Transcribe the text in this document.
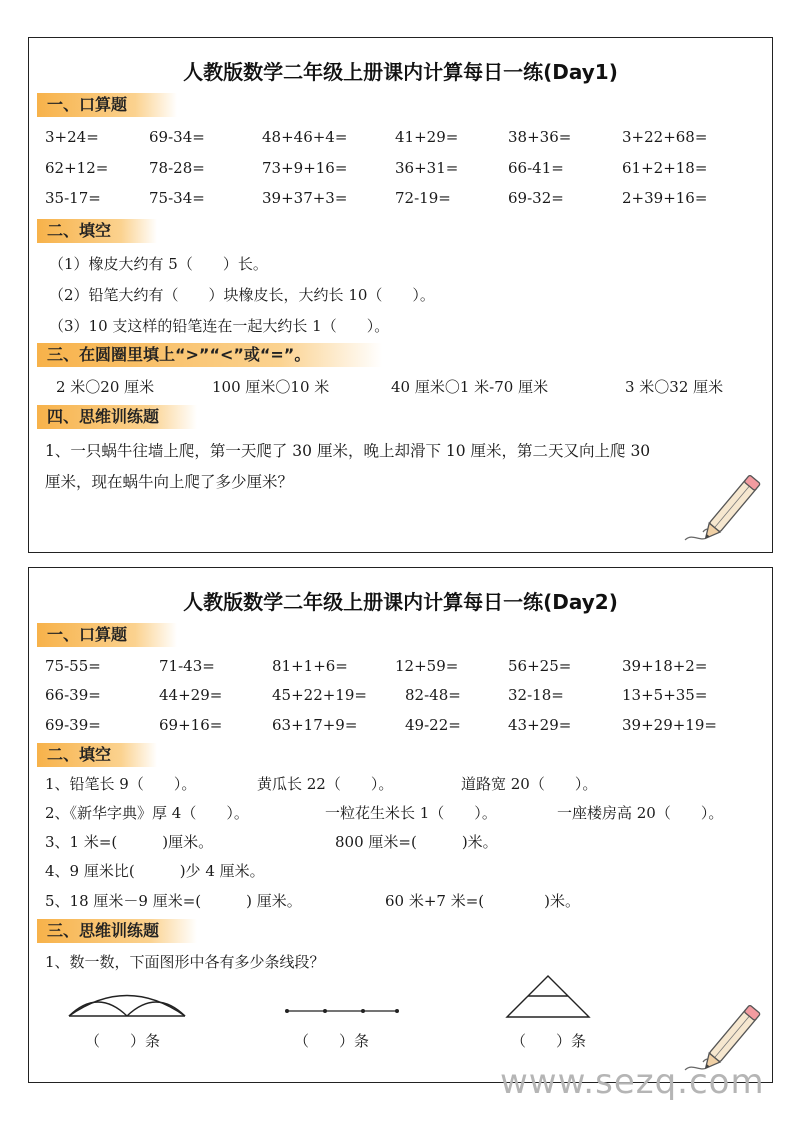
人教版数学二年级上册课内计算每日一练(Day1)
一、口算题
3+24=	69-34=	48+46+4=	41+29=	38+36=	3+22+68=
62+12=	78-28=	73+9+16=	36+31=	66-41=	61+2+18=
35-17=	75-34=	39+37+3=	72-19=	69-32=	2+39+16=
二、填空
（1）橡皮大约有 5（　　）长。
（2）铅笔大约有（　　）块橡皮长，大约长 10（　　）。
（3）10 支这样的铅笔连在一起大约长 1（　　）。
三、在圆圈里填上“>”“<”或“=”。
2 米〇20 厘米	100 厘米〇10 米	40 厘米〇1 米-70 厘米	3 米〇32 厘米
四、思维训练题
1、一只蜗牛往墙上爬，第一天爬了 30 厘米，晚上却滑下 10 厘米，第二天又向上爬 30
厘米，现在蜗牛向上爬了多少厘米？
人教版数学二年级上册课内计算每日一练(Day2)
一、口算题
75-55=	71-43=	81+1+6=	12+59=	56+25=	39+18+2=
66-39=	44+29=	45+22+19=	82-48=	32-18=	13+5+35=
69-39=	69+16=	63+17+9=	49-22=	43+29=	39+29+19=
二、填空
1、铅笔长 9（　　）。	黄瓜长 22（　　）。	道路宽 20（　　）。
2、《新华字典》厚 4（　　）。	一粒花生米长 1（　　）。	一座楼房高 20（　　）。
3、1 米=(　　　)厘米。	800 厘米=(　　　)米。
4、9 厘米比(　　　)少 4 厘米。
5、18 厘米－9 厘米=(　　　) 厘米。	60 米+7 米=(　　　　)米。
三、思维训练题
1、数一数，下面图形中各有多少条线段？
（　　）条	（　　）条	（　　）条
www.sezq.com
